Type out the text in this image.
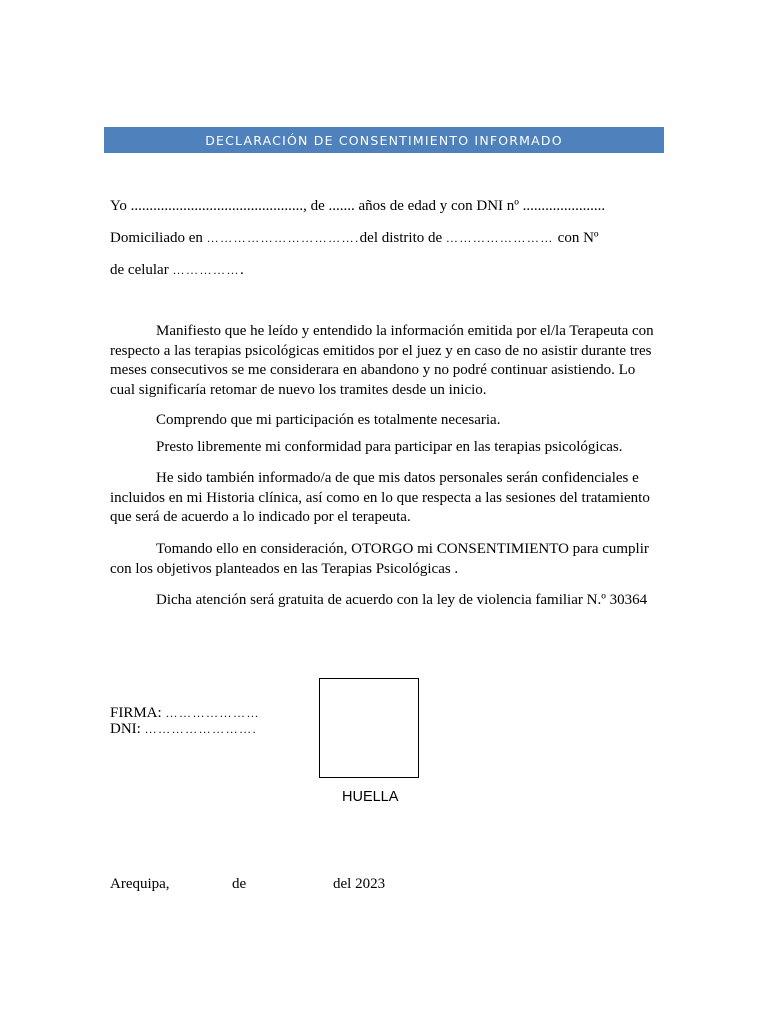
DECLARACIÓN DE CONSENTIMIENTO INFORMADO
Yo .............................................., de ....... años de edad y con DNI nº ......................
Domiciliado en …………………………….del distrito de …………………… con Nº
de celular …………….

Manifiesto que he leído y entendido la información emitida por el/la Terapeuta con respecto a las terapias psicológicas emitidos por el juez y en caso de no asistir durante tres meses consecutivos se me considerara en abandono y no podré continuar asistiendo. Lo cual significaría retomar de nuevo los tramites desde un inicio.

Comprendo que mi participación es totalmente necesaria.

Presto libremente mi conformidad para participar en las terapias psicológicas.

He sido también informado/a de que mis datos personales serán confidenciales e incluidos en mi Historia clínica, así como en lo que respecta a las sesiones del tratamiento que será de acuerdo a lo indicado por el terapeuta.

Tomando ello en consideración, OTORGO mi CONSENTIMIENTO para cumplir con los objetivos planteados en las Terapias Psicológicas .

Dicha atención será gratuita de acuerdo con la ley de violencia familiar N.º 30364

FIRMA: …………………
DNI: …………………….
HUELLA
Arequipa,	de	del 2023
